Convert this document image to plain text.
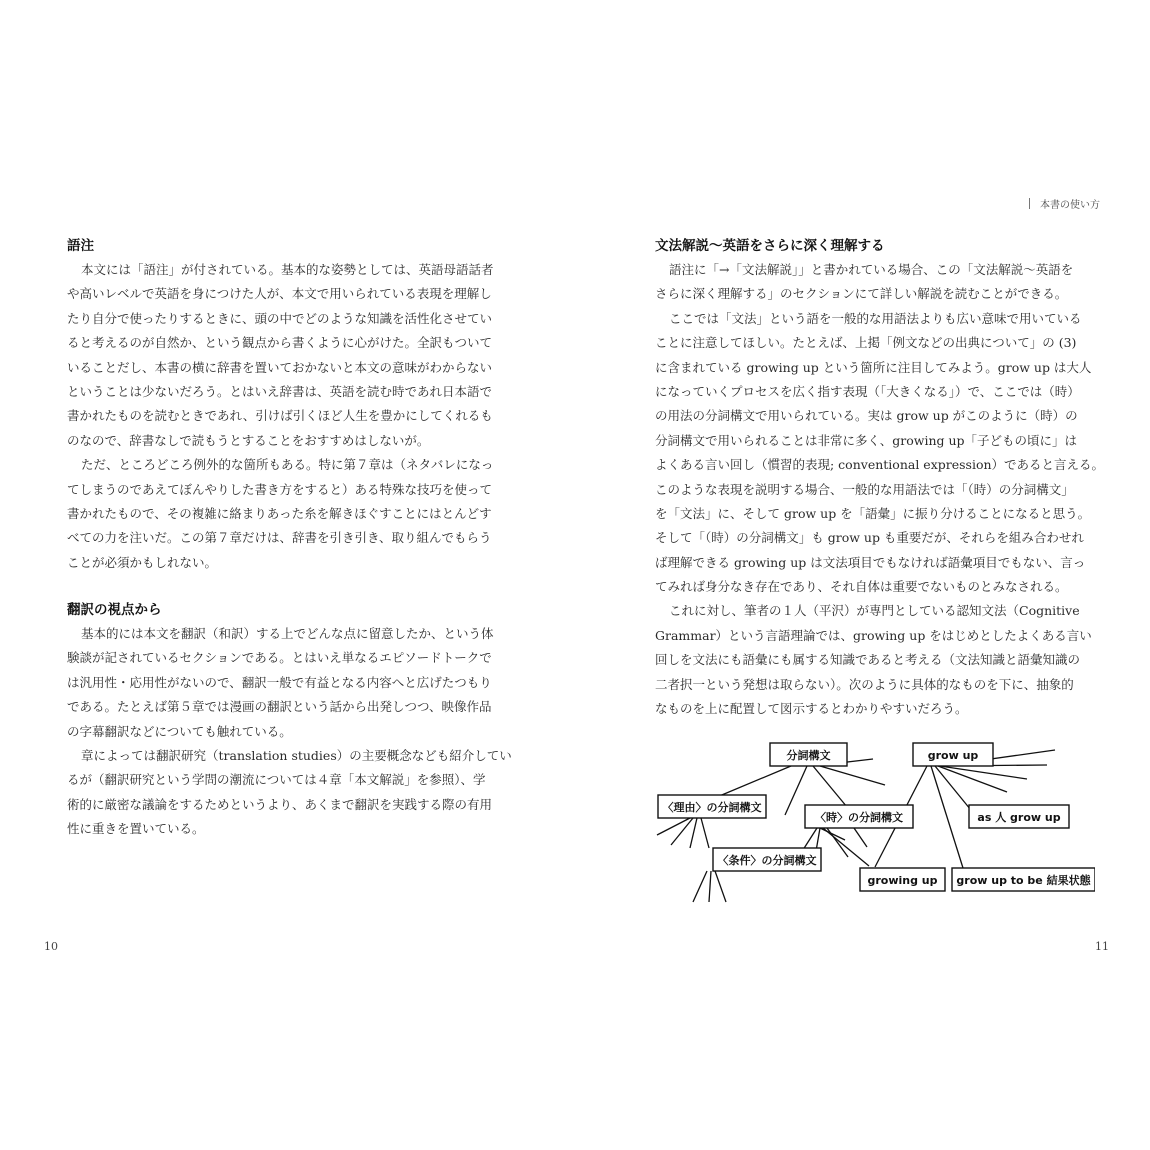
語注
本文には「語注」が付されている。基本的な姿勢としては、英語母語話者
や高いレベルで英語を身につけた人が、本文で用いられている表現を理解し
たり自分で使ったりするときに、頭の中でどのような知識を活性化させてい
ると考えるのが自然か、という観点から書くように心がけた。全訳もついて
いることだし、本書の横に辞書を置いておかないと本文の意味がわからない
ということは少ないだろう。とはいえ辞書は、英語を読む時であれ日本語で
書かれたものを読むときであれ、引けば引くほど人生を豊かにしてくれるも
のなので、辞書なしで読もうとすることをおすすめはしないが。
ただ、ところどころ例外的な箇所もある。特に第７章は（ネタバレになっ
てしまうのであえてぼんやりした書き方をすると）ある特殊な技巧を使って
書かれたもので、その複雑に絡まりあった糸を解きほぐすことにはとんどす
べての力を注いだ。この第７章だけは、辞書を引き引き、取り組んでもらう
ことが必須かもしれない。
翻訳の視点から
基本的には本文を翻訳（和訳）する上でどんな点に留意したか、という体
験談が記されているセクションである。とはいえ単なるエピソードトークで
は汎用性・応用性がないので、翻訳一般で有益となる内容へと広げたつもり
である。たとえば第５章では漫画の翻訳という話から出発しつつ、映像作品
の字幕翻訳などについても触れている。
章によっては翻訳研究（translation studies）の主要概念なども紹介してい
るが（翻訳研究という学問の潮流については４章「本文解説」を参照）、学
術的に厳密な議論をするためというより、あくまで翻訳を実践する際の有用
性に重きを置いている。
10
本書の使い方
文法解説～英語をさらに深く理解する
語注に「→「文法解説」」と書かれている場合、この「文法解説～英語を
さらに深く理解する」のセクションにて詳しい解説を読むことができる。
ここでは「文法」という語を一般的な用語法よりも広い意味で用いている
ことに注意してほしい。たとえば、上掲「例文などの出典について」の (3)
に含まれている growing up という箇所に注目してみよう。grow up は大人
になっていくプロセスを広く指す表現（「大きくなる」）で、ここでは（時）
の用法の分詞構文で用いられている。実は grow up がこのように（時）の
分詞構文で用いられることは非常に多く、growing up「子どもの頃に」は
よくある言い回し（慣習的表現; conventional expression）であると言える。
このような表現を説明する場合、一般的な用語法では「（時）の分詞構文」
を「文法」に、そして grow up を「語彙」に振り分けることになると思う。
そして「（時）の分詞構文」も grow up も重要だが、それらを組み合わせれ
ば理解できる growing up は文法項目でもなければ語彙項目でもない、言っ
てみれば身分なき存在であり、それ自体は重要でないものとみなされる。
これに対し、筆者の１人（平沢）が専門としている認知文法（Cognitive
Grammar）という言語理論では、growing up をはじめとしたよくある言い
回しを文法にも語彙にも属する知識であると考える（文法知識と語彙知識の
二者択一という発想は取らない）。次のように具体的なものを下に、抽象的
なものを上に配置して図示するとわかりやすいだろう。
分詞構文
〈理由〉の分詞構文
〈時〉の分詞構文
〈条件〉の分詞構文
grow up
as 人 grow up
growing up grow up to be 結果状態
11
